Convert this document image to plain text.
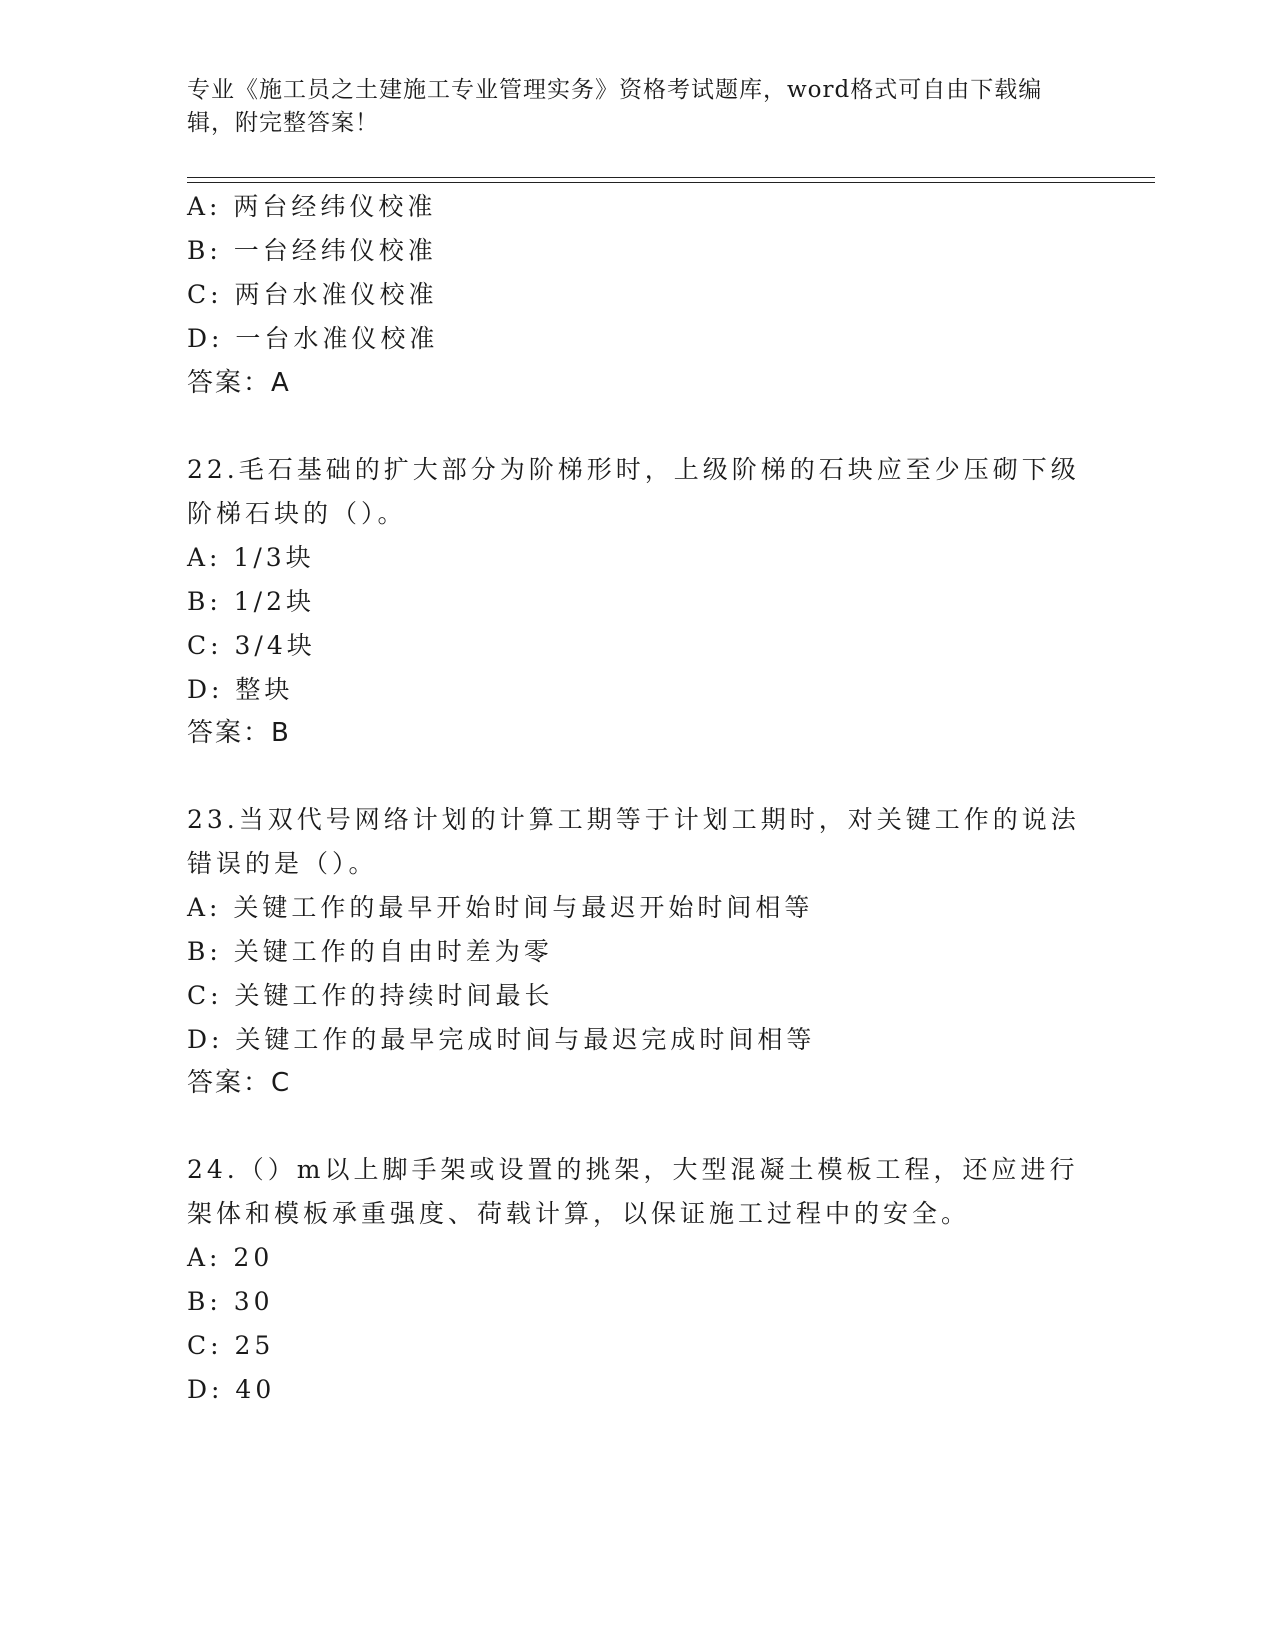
专业《施工员之土建施工专业管理实务》资格考试题库，word格式可自由下载编辑，附完整答案！
A: 两台经纬仪校准
B: 一台经纬仪校准
C: 两台水准仪校准
D: 一台水准仪校准
答案：A
22.毛石基础的扩大部分为阶梯形时，上级阶梯的石块应至少压砌下级
阶梯石块的（）。
A: 1/3块
B: 1/2块
C: 3/4块
D: 整块
答案：B
23.当双代号网络计划的计算工期等于计划工期时，对关键工作的说法
错误的是（）。
A: 关键工作的最早开始时间与最迟开始时间相等
B: 关键工作的自由时差为零
C: 关键工作的持续时间最长
D: 关键工作的最早完成时间与最迟完成时间相等
答案：C
24.（）m以上脚手架或设置的挑架，大型混凝土模板工程，还应进行
架体和模板承重强度、荷载计算，以保证施工过程中的安全。
A: 20
B: 30
C: 25
D: 40
